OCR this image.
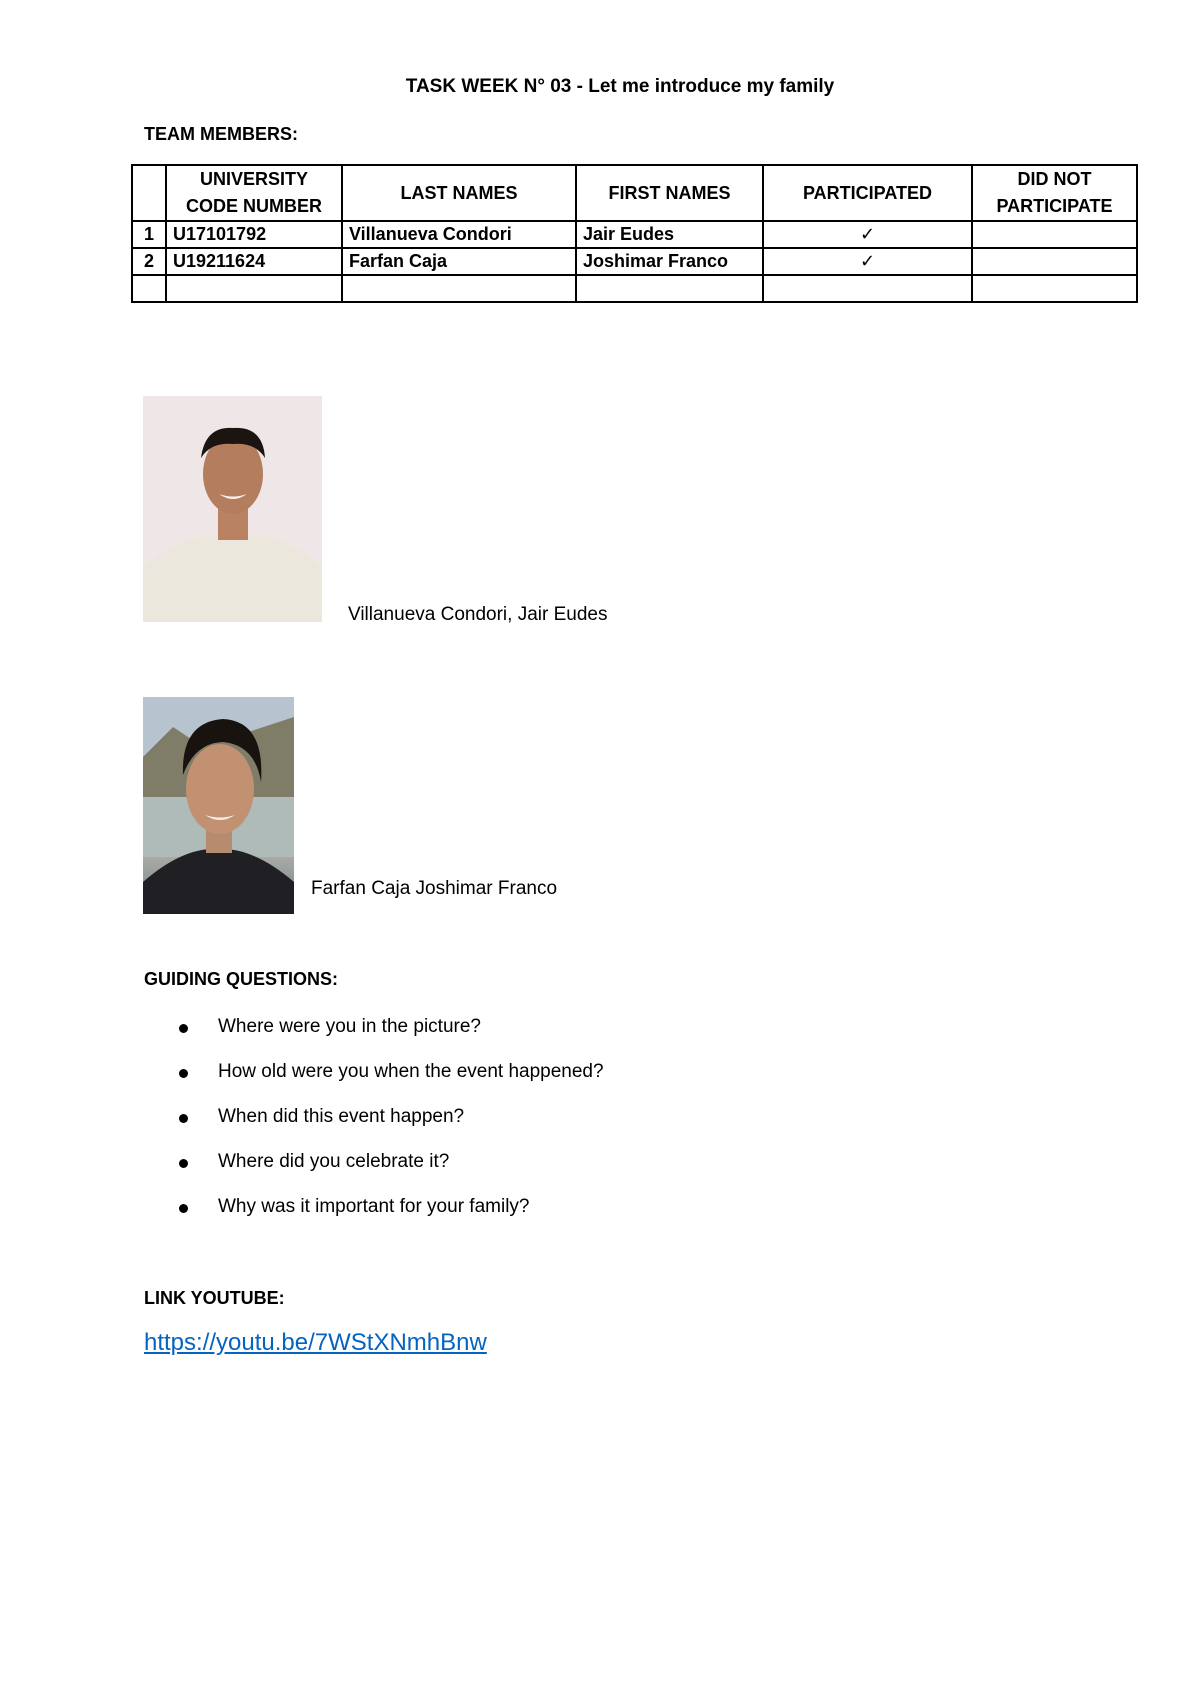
TASK WEEK N° 03 - Let me introduce my family
TEAM MEMBERS:
	UNIVERSITY CODE NUMBER	LAST NAMES	FIRST NAMES	PARTICIPATED	DID NOT PARTICIPATE
1	U17101792	Villanueva Condori	Jair Eudes	✓	
2	U19211624	Farfan Caja	Joshimar Franco	✓	

Villanueva Condori, Jair Eudes
Farfan Caja Joshimar Franco
GUIDING QUESTIONS:
Where were you in the picture?
How old were you when the event happened?
When did this event happen?
Where did you celebrate it?
Why was it important for your family?
LINK YOUTUBE:
https://youtu.be/7WStXNmhBnw
